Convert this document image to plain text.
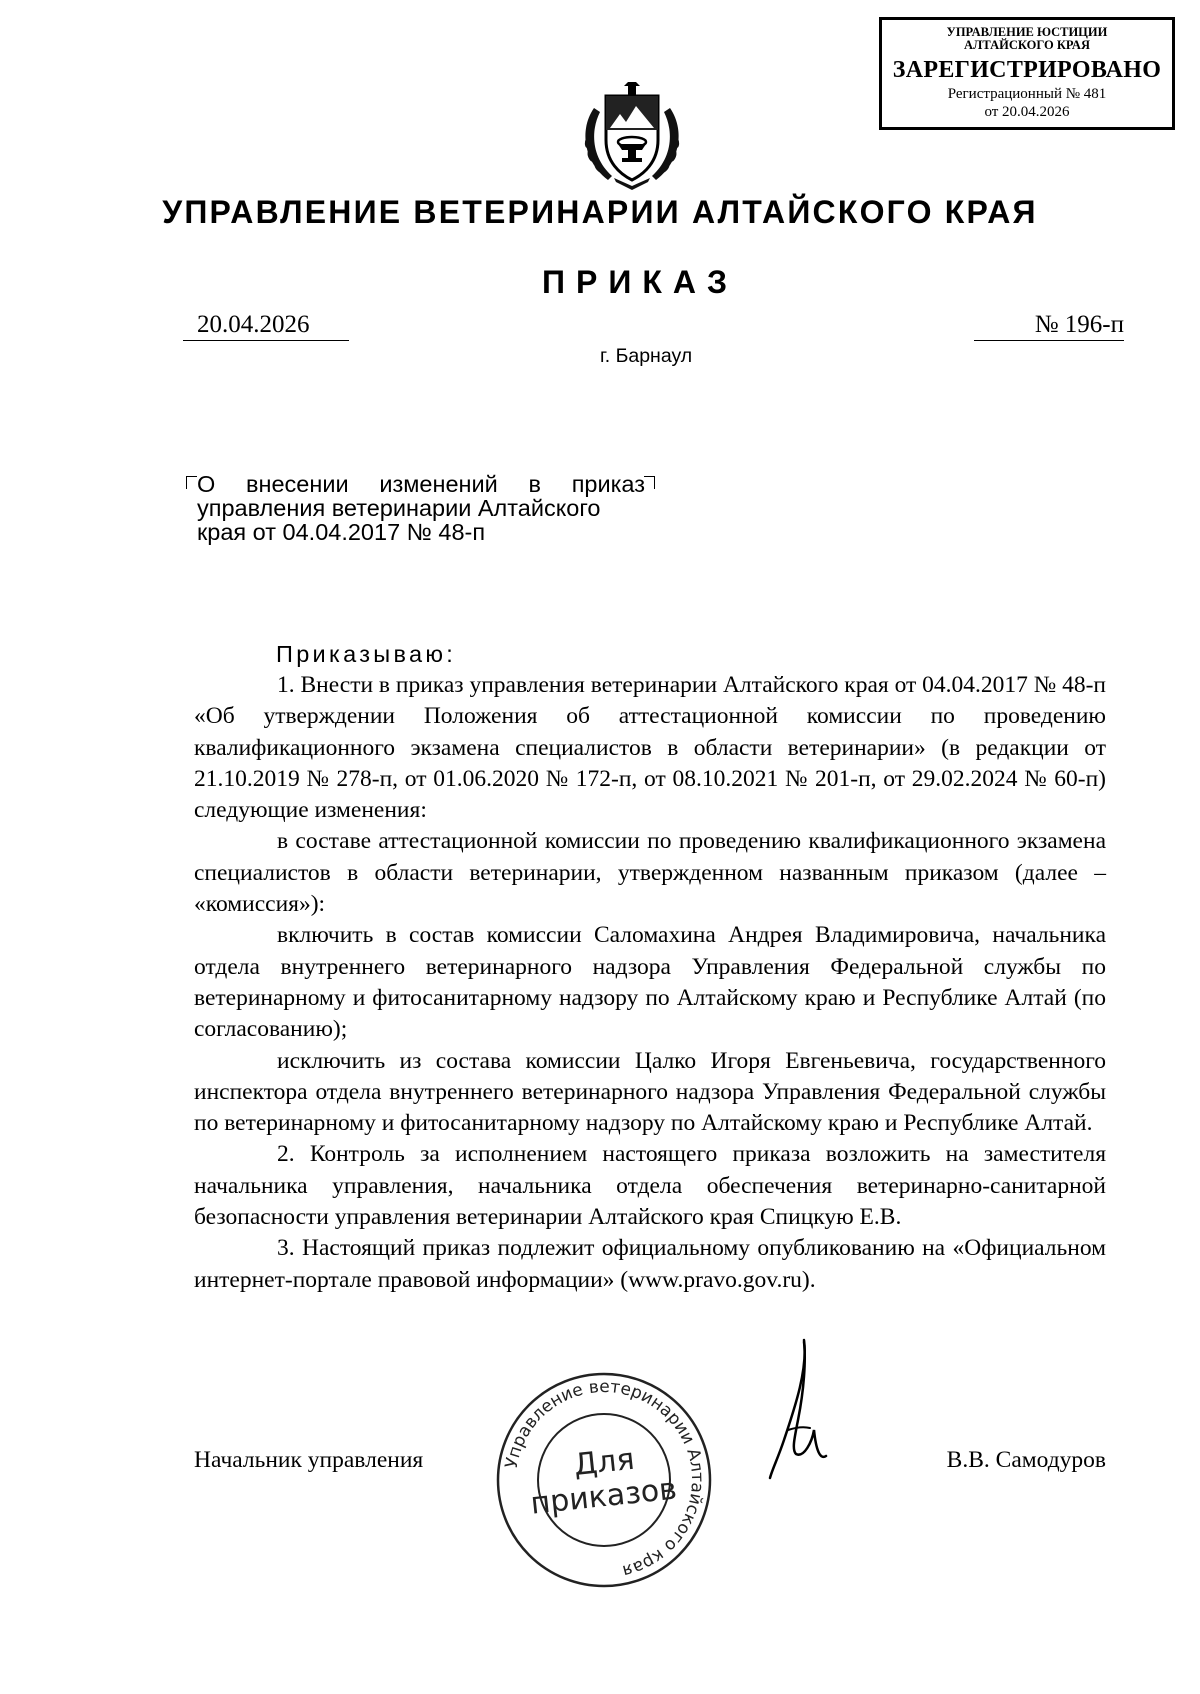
УПРАВЛЕНИЕ ЮСТИЦИИ
АЛТАЙСКОГО КРАЯ
ЗАРЕГИСТРИРОВАНО
Регистрационный № 481
от 20.04.2026
УПРАВЛЕНИЕ ВЕТЕРИНАРИИ АЛТАЙСКОГО КРАЯ
ПРИКАЗ
20.04.2026	№ 196-п
г. Барнаул
О внесении изменений в приказ
управления ветеринарии Алтайского
края от 04.04.2017 № 48-п
Приказываю:

1. Внести в приказ управления ветеринарии Алтайского края от 04.04.2017 № 48-п «Об утверждении Положения об аттестационной комиссии по проведению квалификационного экзамена специалистов в области ветеринарии» (в редакции от 21.10.2019 № 278-п, от 01.06.2020 № 172-п, от 08.10.2021 № 201-п, от 29.02.2024 № 60-п) следующие изменения:

в составе аттестационной комиссии по проведению квалификационного экзамена специалистов в области ветеринарии, утвержденном названным приказом (далее – «комиссия»):

включить в состав комиссии Саломахина Андрея Владимировича, начальника отдела внутреннего ветеринарного надзора Управления Федеральной службы по ветеринарному и фитосанитарному надзору по Алтайскому краю и Республике Алтай (по согласованию);

исключить из состава комиссии Цалко Игоря Евгеньевича, государственного инспектора отдела внутреннего ветеринарного надзора Управления Федеральной службы по ветеринарному и фитосанитарному надзору по Алтайскому краю и Республике Алтай.

2. Контроль за исполнением настоящего приказа возложить на заместителя начальника управления, начальника отдела обеспечения ветеринарно-санитарной безопасности управления ветеринарии Алтайского края Спицкую Е.В.

3. Настоящий приказ подлежит официальному опубликованию на «Официальном интернет-портале правовой информации» (www.pravo.gov.ru).

Управление ветеринарии Алтайского края
Для
приказов
Начальник управления	В.В. Самодуров
